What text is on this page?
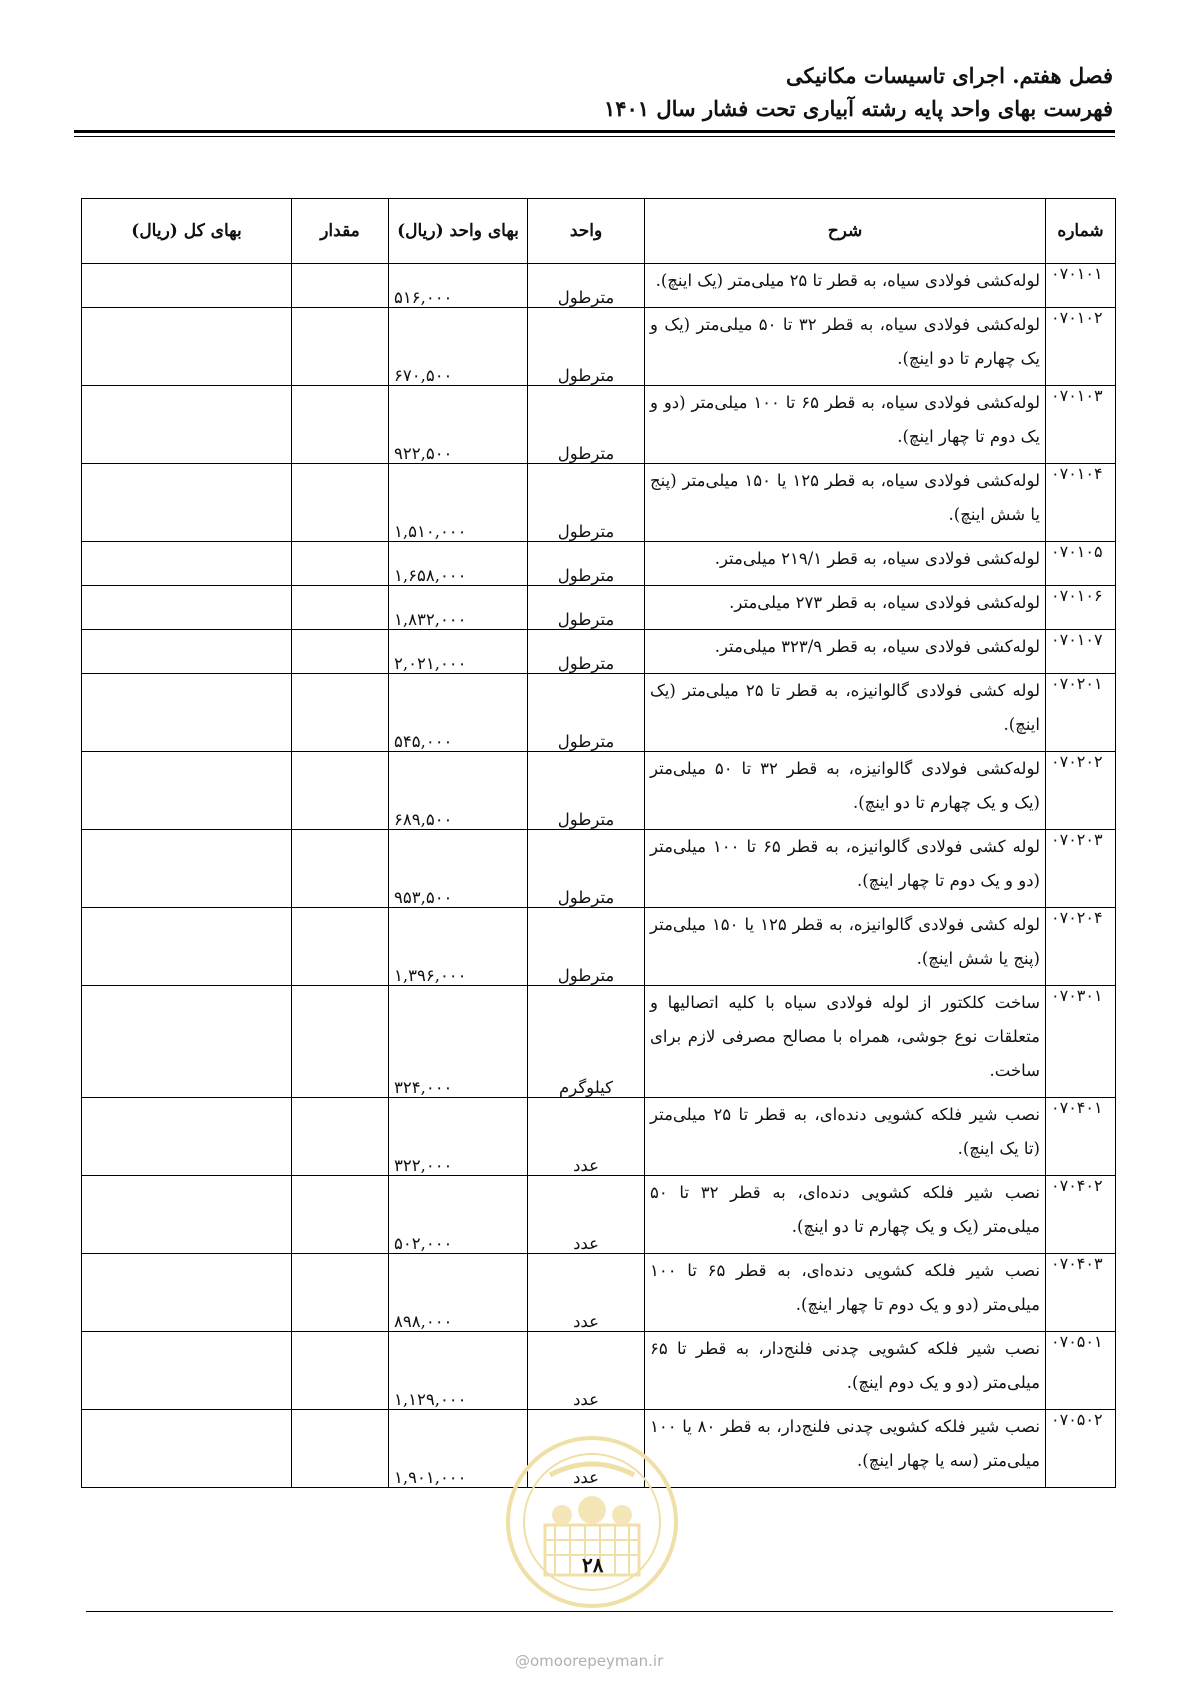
فصل هفتم. اجرای تاسیسات مکانیکی
فهرست بهای واحد پایه رشته آبیاری تحت فشار سال ۱۴۰۱
شماره	شرح	واحد	بهای واحد (ریال)	مقدار	بهای کل (ریال)
۰۷۰۱۰۱	لوله‌کشی فولادی سیاه، به قطر تا ۲۵ میلی‌متر (یک اینچ).	مترطول	۵۱۶,۰۰۰		
۰۷۰۱۰۲	لوله‌کشی فولادی سیاه، به قطر ۳۲ تا ۵۰ میلی‌متر (یک و یک چهارم تا دو اینچ).	مترطول	۶۷۰,۵۰۰		
۰۷۰۱۰۳	لوله‌کشی فولادی سیاه، به قطر ۶۵ تا ۱۰۰ میلی‌متر (دو و یک دوم تا چهار اینچ).	مترطول	۹۲۲,۵۰۰		
۰۷۰۱۰۴	لوله‌کشی فولادی سیاه، به قطر ۱۲۵ یا ۱۵۰ میلی‌متر (پنج یا شش اینچ).	مترطول	۱,۵۱۰,۰۰۰		
۰۷۰۱۰۵	لوله‌کشی فولادی سیاه، به قطر ۲۱۹/۱ میلی‌متر.	مترطول	۱,۶۵۸,۰۰۰		
۰۷۰۱۰۶	لوله‌کشی فولادی سیاه، به قطر ۲۷۳ میلی‌متر.	مترطول	۱,۸۳۲,۰۰۰		
۰۷۰۱۰۷	لوله‌کشی فولادی سیاه، به قطر ۳۲۳/۹ میلی‌متر.	مترطول	۲,۰۲۱,۰۰۰		
۰۷۰۲۰۱	لوله کشی فولادی گالوانیزه، به قطر تا ۲۵ میلی‌متر (یک اینچ).	مترطول	۵۴۵,۰۰۰		
۰۷۰۲۰۲	لوله‌کشی فولادی گالوانیزه، به قطر ۳۲ تا ۵۰ میلی‌متر (یک و یک چهارم تا دو اینچ).	مترطول	۶۸۹,۵۰۰		
۰۷۰۲۰۳	لوله کشی فولادی گالوانیزه، به قطر ۶۵ تا ۱۰۰ میلی‌متر (دو و یک دوم تا چهار اینچ).	مترطول	۹۵۳,۵۰۰		
۰۷۰۲۰۴	لوله کشی فولادی گالوانیزه، به قطر ۱۲۵ یا ۱۵۰ میلی‌متر (پنج یا شش اینچ).	مترطول	۱,۳۹۶,۰۰۰		
۰۷۰۳۰۱	ساخت کلکتور از لوله فولادی سیاه با کلیه اتصالیها و متعلقات نوع جوشی، همراه با مصالح مصرفی لازم برای ساخت.	کیلوگرم	۳۲۴,۰۰۰		
۰۷۰۴۰۱	نصب شیر فلکه کشویی دنده‌ای، به قطر تا ۲۵ میلی‌متر (تا یک اینچ).	عدد	۳۲۲,۰۰۰		
۰۷۰۴۰۲	نصب شیر فلکه کشویی دنده‌ای، به قطر ۳۲ تا ۵۰ میلی‌متر (یک و یک چهارم تا دو اینچ).	عدد	۵۰۲,۰۰۰		
۰۷۰۴۰۳	نصب شیر فلکه کشویی دنده‌ای، به قطر ۶۵ تا ۱۰۰ میلی‌متر (دو و یک دوم تا چهار اینچ).	عدد	۸۹۸,۰۰۰		
۰۷۰۵۰۱	نصب شیر فلکه کشویی چدنی فلنج‌دار، به قطر تا ۶۵ میلی‌متر (دو و یک دوم اینچ).	عدد	۱,۱۲۹,۰۰۰		
۰۷۰۵۰۲	نصب شیر فلکه کشویی چدنی فلنج‌دار، به قطر ۸۰ یا ۱۰۰ میلی‌متر (سه یا چهار اینچ).	عدد	۱,۹۰۱,۰۰۰		
۲۸
@omoorepeyman.ir
